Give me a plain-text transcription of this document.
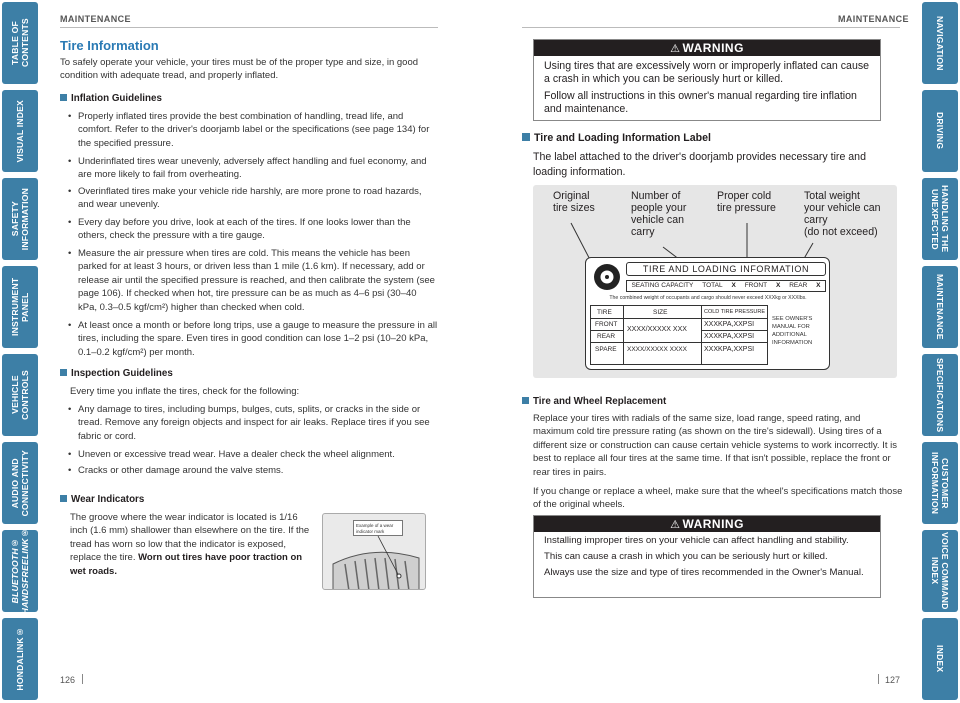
TABLE OF CONTENTS
VISUAL INDEX
SAFETY
INFORMATION
INSTRUMENT PANEL
VEHICLE
CONTROLS
AUDIO AND
CONNECTIVITY
BLUETOOTH®
HANDSFREELINK®
HONDALINK®
NAVIGATION
DRIVING
HANDLING THE
UNEXPECTED
MAINTENANCE
SPECIFICATIONS
CUSTOMER
INFORMATION
VOICE COMMAND
INDEX
INDEX
MAINTENANCE
Tire Information
To safely operate your vehicle, your tires must be of the proper type and size, in good condition with adequate tread, and properly inflated.
Inflation Guidelines
• Properly inflated tires provide the best combination of handling, tread life, and comfort. Refer to the driver's doorjamb label or the specifications (see page 134) for the specified pressure.
• Underinflated tires wear unevenly, adversely affect handling and fuel economy, and are more likely to fail from overheating.
• Overinflated tires make your vehicle ride harshly, are more prone to road hazards, and wear unevenly.
• Every day before you drive, look at each of the tires. If one looks lower than the others, check the pressure with a tire gauge.
• Measure the air pressure when tires are cold. This means the vehicle has been parked for at least 3 hours, or driven less than 1 mile (1.6 km). If necessary, add or release air until the specified pressure is reached, and then calibrate the system (see page 106). If checked when hot, tire pressure can be as much as 4–6 psi (30–40 kPa, 0.3–0.5 kgf/cm²) higher than checked when cold.
• At least once a month or before long trips, use a gauge to measure the pressure in all tires, including the spare. Even tires in good condition can lose 1–2 psi (10–20 kPa, 0.1–0.2 kgf/cm²) per month.
Inspection Guidelines
Every time you inflate the tires, check for the following:
• Any damage to tires, including bumps, bulges, cuts, splits, or cracks in the side or tread. Remove any foreign objects and inspect for air leaks. Replace tires if you see fabric or cord.
• Uneven or excessive tread wear. Have a dealer check the wheel alignment.
• Cracks or other damage around the valve stems.
Wear Indicators
The groove where the wear indicator is located is 1/16 inch (1.6 mm) shallower than elsewhere on the tire. If the tread has worn so low that the indicator is exposed, replace the tire. Worn out tires have poor traction on wet roads.
Example of a wear indicator mark
126
MAINTENANCE
⚠ WARNING
Using tires that are excessively worn or improperly inflated can cause a crash in which you can be seriously hurt or killed.
Follow all instructions in this owner's manual regarding tire inflation and maintenance.
Tire and Loading Information Label
The label attached to the driver's doorjamb provides necessary tire and loading information.
Original
tire sizes
Number of
people your
vehicle can
carry
Proper cold
tire pressure
Total weight
your vehicle can
carry
(do not exceed)
TIRE AND LOADING INFORMATION
SEATING CAPACITY TOTAL X FRONT X REAR X
The combined weight of occupants and cargo should never exceed XXXkg or XXXlbs.
TIRE	SIZE	COLD TIRE PRESSURE
FRONT
REAR
SPARE
XXXX/XXXXX XXX
XXXX/XXXXX XXXX
XXXKPA,XXPSI
XXXKPA,XXPSI
XXXKPA,XXPSI
SEE OWNER'S
MANUAL FOR
ADDITIONAL
INFORMATION
Tire and Wheel Replacement
Replace your tires with radials of the same size, load range, speed rating, and maximum cold tire pressure rating (as shown on the tire's sidewall). Using tires of a different size or construction can cause certain vehicle systems to work incorrectly. It is best to replace all four tires at the same time. If that isn't possible, replace the front or rear tires in pairs.
If you change or replace a wheel, make sure that the wheel's specifications match those of the original wheels.
⚠ WARNING
Installing improper tires on your vehicle can affect handling and stability.
This can cause a crash in which you can be seriously hurt or killed.
Always use the size and type of tires recommended in the Owner's Manual.
127
